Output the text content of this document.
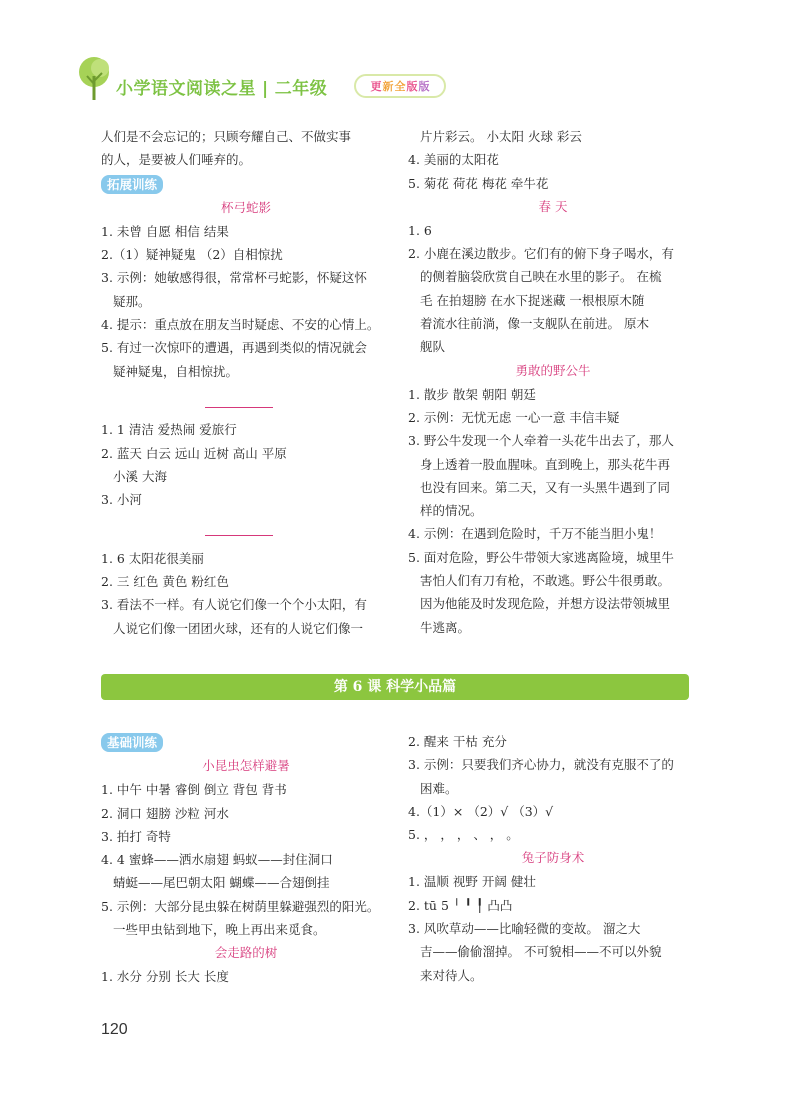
小学语文阅读之星 | 二年级	更 新 全 版 版
人们是不会忘记的；只顾夸耀自己、不做实事
的人，是要被人们唾弃的。
拓展训练
杯弓蛇影
1. 未曾 自愿 相信 结果
2.（1）疑神疑鬼 （2）自相惊扰
3. 示例：她敏感得很，常常杯弓蛇影，怀疑这怀
疑那。
4. 提示：重点放在朋友当时疑虑、不安的心情上。
5. 有过一次惊吓的遭遇，再遇到类似的情况就会
疑神疑鬼，自相惊扰。
1. 1 清洁 爱热闹 爱旅行
2. 蓝天 白云 远山 近树 高山 平原
小溪 大海
3. 小河
1. 6 太阳花很美丽
2. 三 红色 黄色 粉红色
3. 看法不一样。有人说它们像一个个小太阳，有
人说它们像一团团火球，还有的人说它们像一
片片彩云。 小太阳 火球 彩云
4. 美丽的太阳花
5. 菊花 荷花 梅花 牵牛花
春 天
1. 6
2. 小鹿在溪边散步。它们有的俯下身子喝水，有
的侧着脑袋欣赏自己映在水里的影子。 在梳
毛 在拍翅膀 在水下捉迷藏 一根根原木随
着流水往前淌，像一支舰队在前进。 原木
舰队
勇敢的野公牛
1. 散步 散架 朝阳 朝廷
2. 示例：无忧无虑 一心一意 丰信丰疑
3. 野公牛发现一个人牵着一头花牛出去了，那人
身上透着一股血腥味。直到晚上，那头花牛再
也没有回来。第二天，又有一头黑牛遇到了同
样的情况。
4. 示例：在遇到危险时，千万不能当胆小鬼！
5. 面对危险，野公牛带领大家逃离险境，城里牛
害怕人们有刀有枪，不敢逃。野公牛很勇敢。
因为他能及时发现危险，并想方设法带领城里
牛逃离。
第 6 课 科学小品篇
基础训练
小昆虫怎样避暑
1. 中午 中暑 睿倒 倒立 背包 背书
2. 洞口 翅膀 沙粒 河水
3. 拍打 奇特
4. 4 蜜蜂——洒水扇翅 蚂蚁——封住洞口
蜻蜓——尾巴朝太阳 蝴蝶——合翅倒挂
5. 示例：大部分昆虫躲在树荫里躲避强烈的阳光。
一些甲虫钻到地下，晚上再出来觅食。
会走路的树
1. 水分 分别 长大 长度
2. 醒来 干枯 充分
3. 示例：只要我们齐心协力，就没有克服不了的
困难。
4.（1）× （2）√ （3）√
5. ， ， ， 、 ， 。
兔子防身术
1. 温顺 视野 开阔 健壮
2. tū 5 ╵ ╹ ╿ 凸凸
3. 风吹草动——比喻轻微的变故。 溜之大
吉——偷偷溜掉。 不可貌相——不可以外貌
来对待人。
120
